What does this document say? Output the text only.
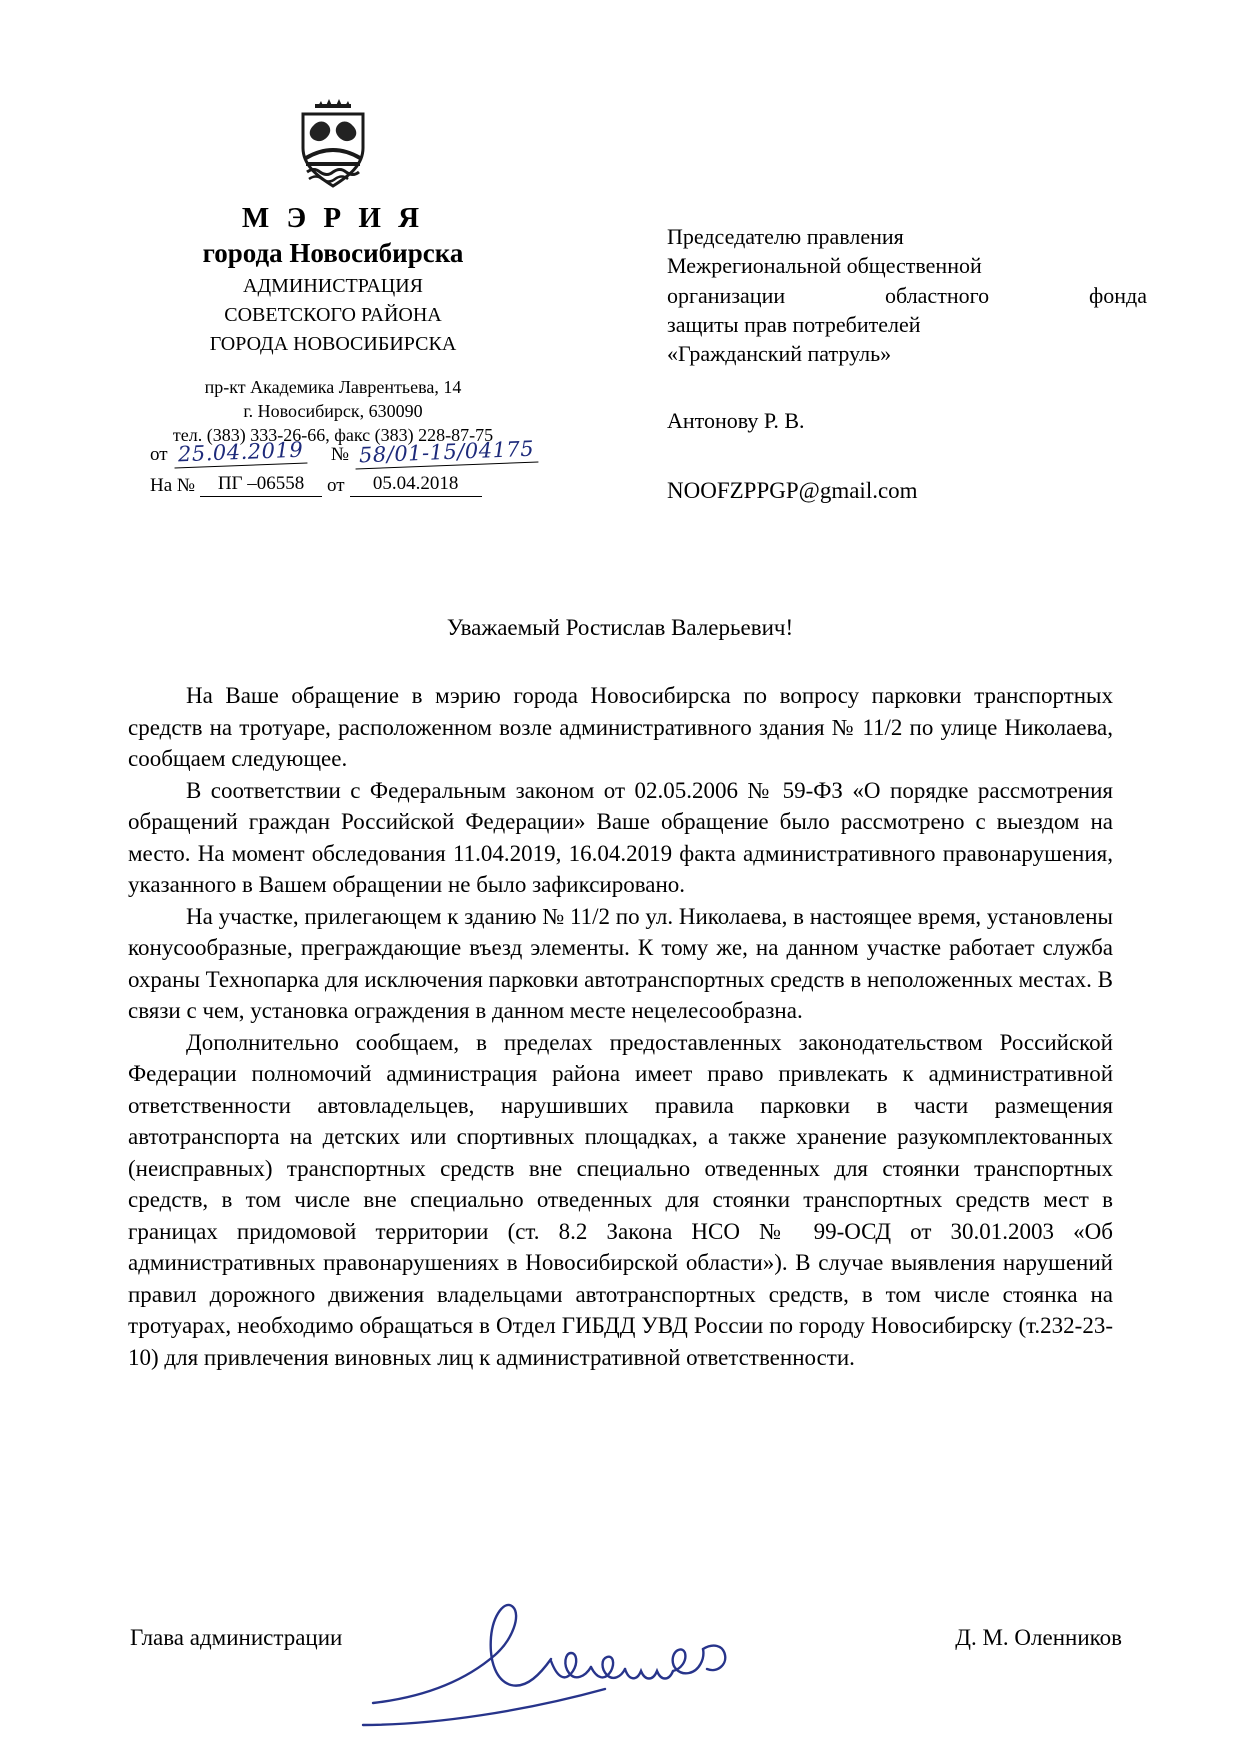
М Э Р И Я
города Новосибирска
АДМИНИСТРАЦИЯ
СОВЕТСКОГО РАЙОНА
ГОРОДА НОВОСИБИРСКА
пр-кт Академика Лаврентьева, 14
г. Новосибирск, 630090
тел. (383) 333-26-66, факс (383) 228-87-75
от 25.04.2019 № 58/01-15/04175
На №	ПГ –06558	от	05.04.2018

Председателю правления

Межрегиональной общественной

организации областного фонда

защиты прав потребителей

«Гражданский патруль»

Антонову Р. В.

NOOFZPPGP@gmail.com

Уважаемый Ростислав Валерьевич!

На Ваше обращение в мэрию города Новосибирска по вопросу парковки транспортных средств на тротуаре, расположенном возле административного здания № 11/2 по улице Николаева, сообщаем следующее.

В соответствии с Федеральным законом от 02.05.2006 № 59-ФЗ «О порядке рассмотрения обращений граждан Российской Федерации» Ваше обращение было рассмотрено с выездом на место. На момент обследования 11.04.2019, 16.04.2019 факта административного правонарушения, указанного в Вашем обращении не было зафиксировано.

На участке, прилегающем к зданию № 11/2 по ул. Николаева, в настоящее время, установлены конусообразные, преграждающие въезд элементы. К тому же, на данном участке работает служба охраны Технопарка для исключения парковки автотранспортных средств в неположенных местах. В связи с чем, установка ограждения в данном месте нецелесообразна.

Дополнительно сообщаем, в пределах предоставленных законодательством Российской Федерации полномочий администрация района имеет право привлекать к административной ответственности автовладельцев, нарушивших правила парковки в части размещения автотранспорта на детских или спортивных площадках, а также хранение разукомплектованных (неисправных) транспортных средств вне специально отведенных для стоянки транспортных средств, в том числе вне специально отведенных для стоянки транспортных средств мест в границах придомовой территории (ст. 8.2 Закона НСО № 99-ОСД от 30.01.2003 «Об административных правонарушениях в Новосибирской области»). В случае выявления нарушений правил дорожного движения владельцами автотранспортных средств, в том числе стоянка на тротуарах, необходимо обращаться в Отдел ГИБДД УВД России по городу Новосибирску (т.232-23-10) для привлечения виновных лиц к административной ответственности.

Глава администрации	Д. М. Оленников
